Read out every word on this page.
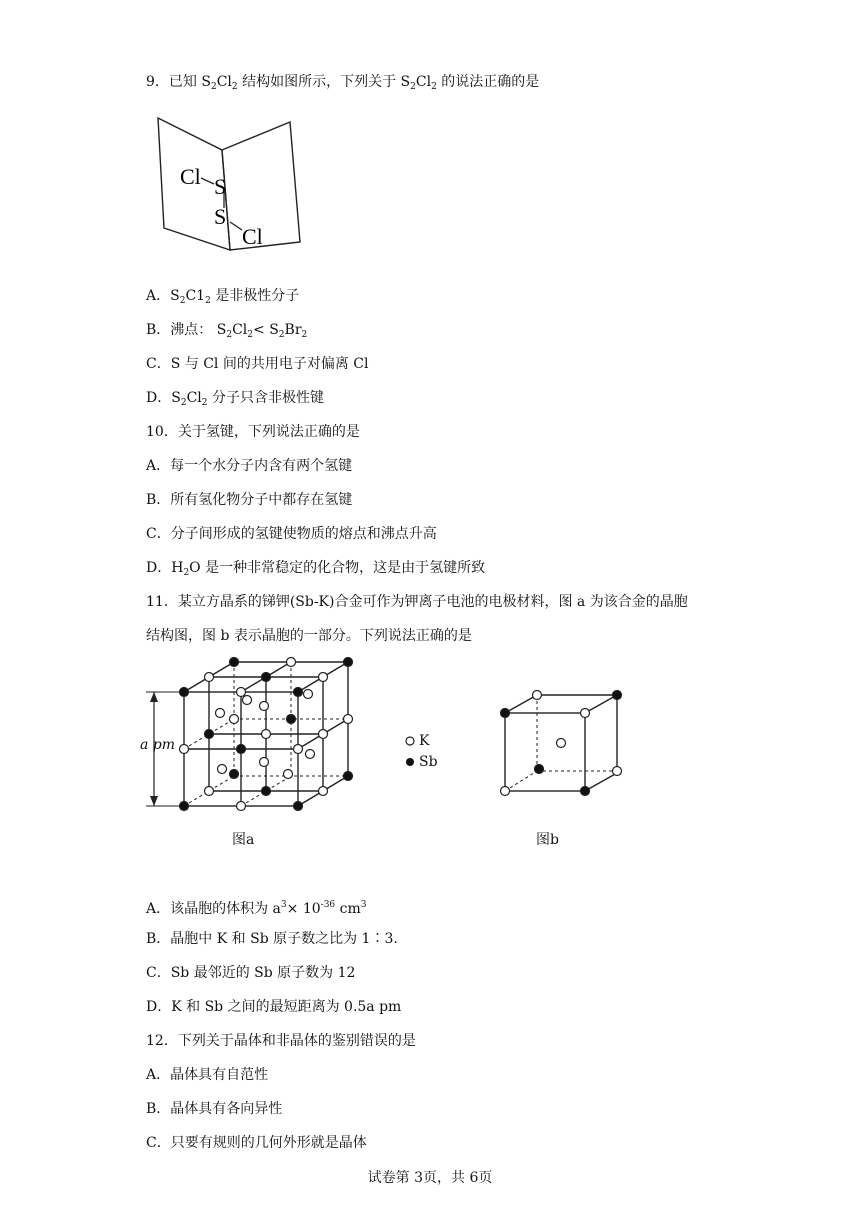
9．已知 $S_2Cl_2$ 结构如图所示，下列关于 $S_2Cl_2$ 的说法正确的是
Cl S
S
Cl
A．$S_2C1_2$ 是非极性分子
B．沸点： $S_2Cl_2< S_2Br_2$
C．S 与 Cl 间的共用电子对偏离 Cl
D．$S_2Cl_2$ 分子只含非极性键
10．关于氢键，下列说法正确的是
A．每一个水分子内含有两个氢键
B．所有氢化物分子中都存在氢键
C．分子间形成的氢键使物质的熔点和沸点升高
D．$H_2O$ 是一种非常稳定的化合物，这是由于氢键所致
11．某立方晶系的锑钾(Sb-K)合金可作为钾离子电池的电极材料，图 a 为该合金的晶胞
结构图，图 b 表示晶胞的一部分。下列说法正确的是
a pm	K
Sb
图a	图b
A．该晶胞的体积为 $a^3\times 10^{-36}$ $cm^3$
B．晶胞中 K 和 Sb 原子数之比为 1∶3.
C．Sb 最邻近的 Sb 原子数为 12
D．K 和 Sb 之间的最短距离为 0.5a pm
12．下列关于晶体和非晶体的鉴别错误的是
A．晶体具有自范性
B．晶体具有各向异性
C．只要有规则的几何外形就是晶体
试卷第 3页，共 6页
